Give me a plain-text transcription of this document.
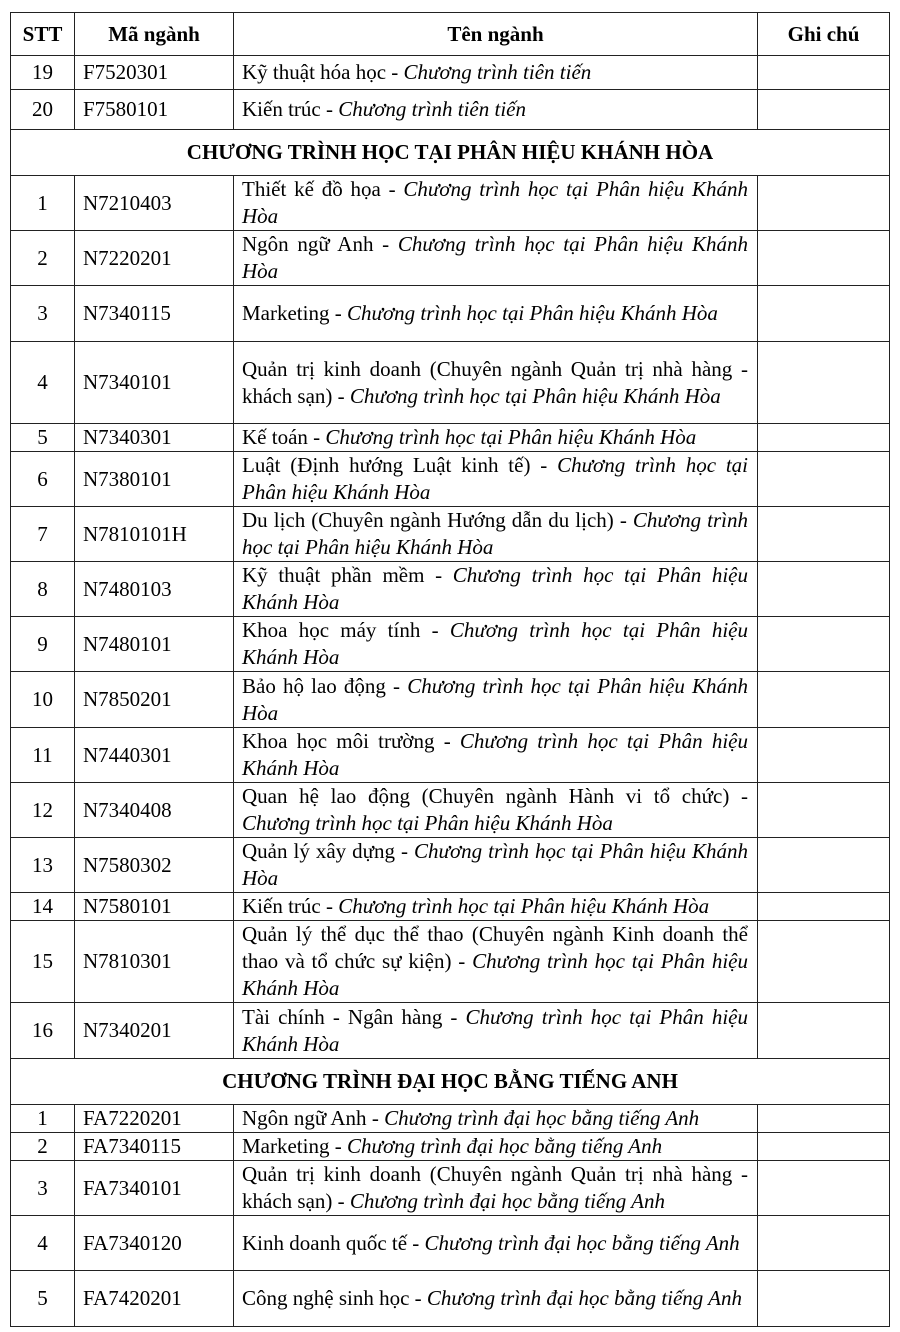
STT	Mã ngành	Tên ngành	Ghi chú
19	F7520301	Kỹ thuật hóa học - Chương trình tiên tiến	
20	F7580101	Kiến trúc - Chương trình tiên tiến	
CHƯƠNG TRÌNH HỌC TẠI PHÂN HIỆU KHÁNH HÒA			
1	N7210403	Thiết kế đồ họa - Chương trình học tại Phân hiệu Khánh Hòa	
2	N7220201	Ngôn ngữ Anh - Chương trình học tại Phân hiệu Khánh Hòa	
3	N7340115	Marketing - Chương trình học tại Phân hiệu Khánh Hòa	
4	N7340101	Quản trị kinh doanh (Chuyên ngành Quản trị nhà hàng - khách sạn) - Chương trình học tại Phân hiệu Khánh Hòa	
5	N7340301	Kế toán - Chương trình học tại Phân hiệu Khánh Hòa	
6	N7380101	Luật (Định hướng Luật kinh tế) - Chương trình học tại Phân hiệu Khánh Hòa	
7	N7810101H	Du lịch (Chuyên ngành Hướng dẫn du lịch) - Chương trình học tại Phân hiệu Khánh Hòa	
8	N7480103	Kỹ thuật phần mềm - Chương trình học tại Phân hiệu Khánh Hòa	
9	N7480101	Khoa học máy tính - Chương trình học tại Phân hiệu Khánh Hòa	
10	N7850201	Bảo hộ lao động - Chương trình học tại Phân hiệu Khánh Hòa	
11	N7440301	Khoa học môi trường - Chương trình học tại Phân hiệu Khánh Hòa	
12	N7340408	Quan hệ lao động (Chuyên ngành Hành vi tổ chức) - Chương trình học tại Phân hiệu Khánh Hòa	
13	N7580302	Quản lý xây dựng - Chương trình học tại Phân hiệu Khánh Hòa	
14	N7580101	Kiến trúc - Chương trình học tại Phân hiệu Khánh Hòa	
15	N7810301	Quản lý thể dục thể thao (Chuyên ngành Kinh doanh thể thao và tổ chức sự kiện) - Chương trình học tại Phân hiệu Khánh Hòa	
16	N7340201	Tài chính - Ngân hàng - Chương trình học tại Phân hiệu Khánh Hòa	
CHƯƠNG TRÌNH ĐẠI HỌC BẰNG TIẾNG ANH			
1	FA7220201	Ngôn ngữ Anh - Chương trình đại học bằng tiếng Anh	
2	FA7340115	Marketing - Chương trình đại học bằng tiếng Anh	
3	FA7340101	Quản trị kinh doanh (Chuyên ngành Quản trị nhà hàng - khách sạn) - Chương trình đại học bằng tiếng Anh	
4	FA7340120	Kinh doanh quốc tế - Chương trình đại học bằng tiếng Anh	
5	FA7420201	Công nghệ sinh học - Chương trình đại học bằng tiếng Anh	
